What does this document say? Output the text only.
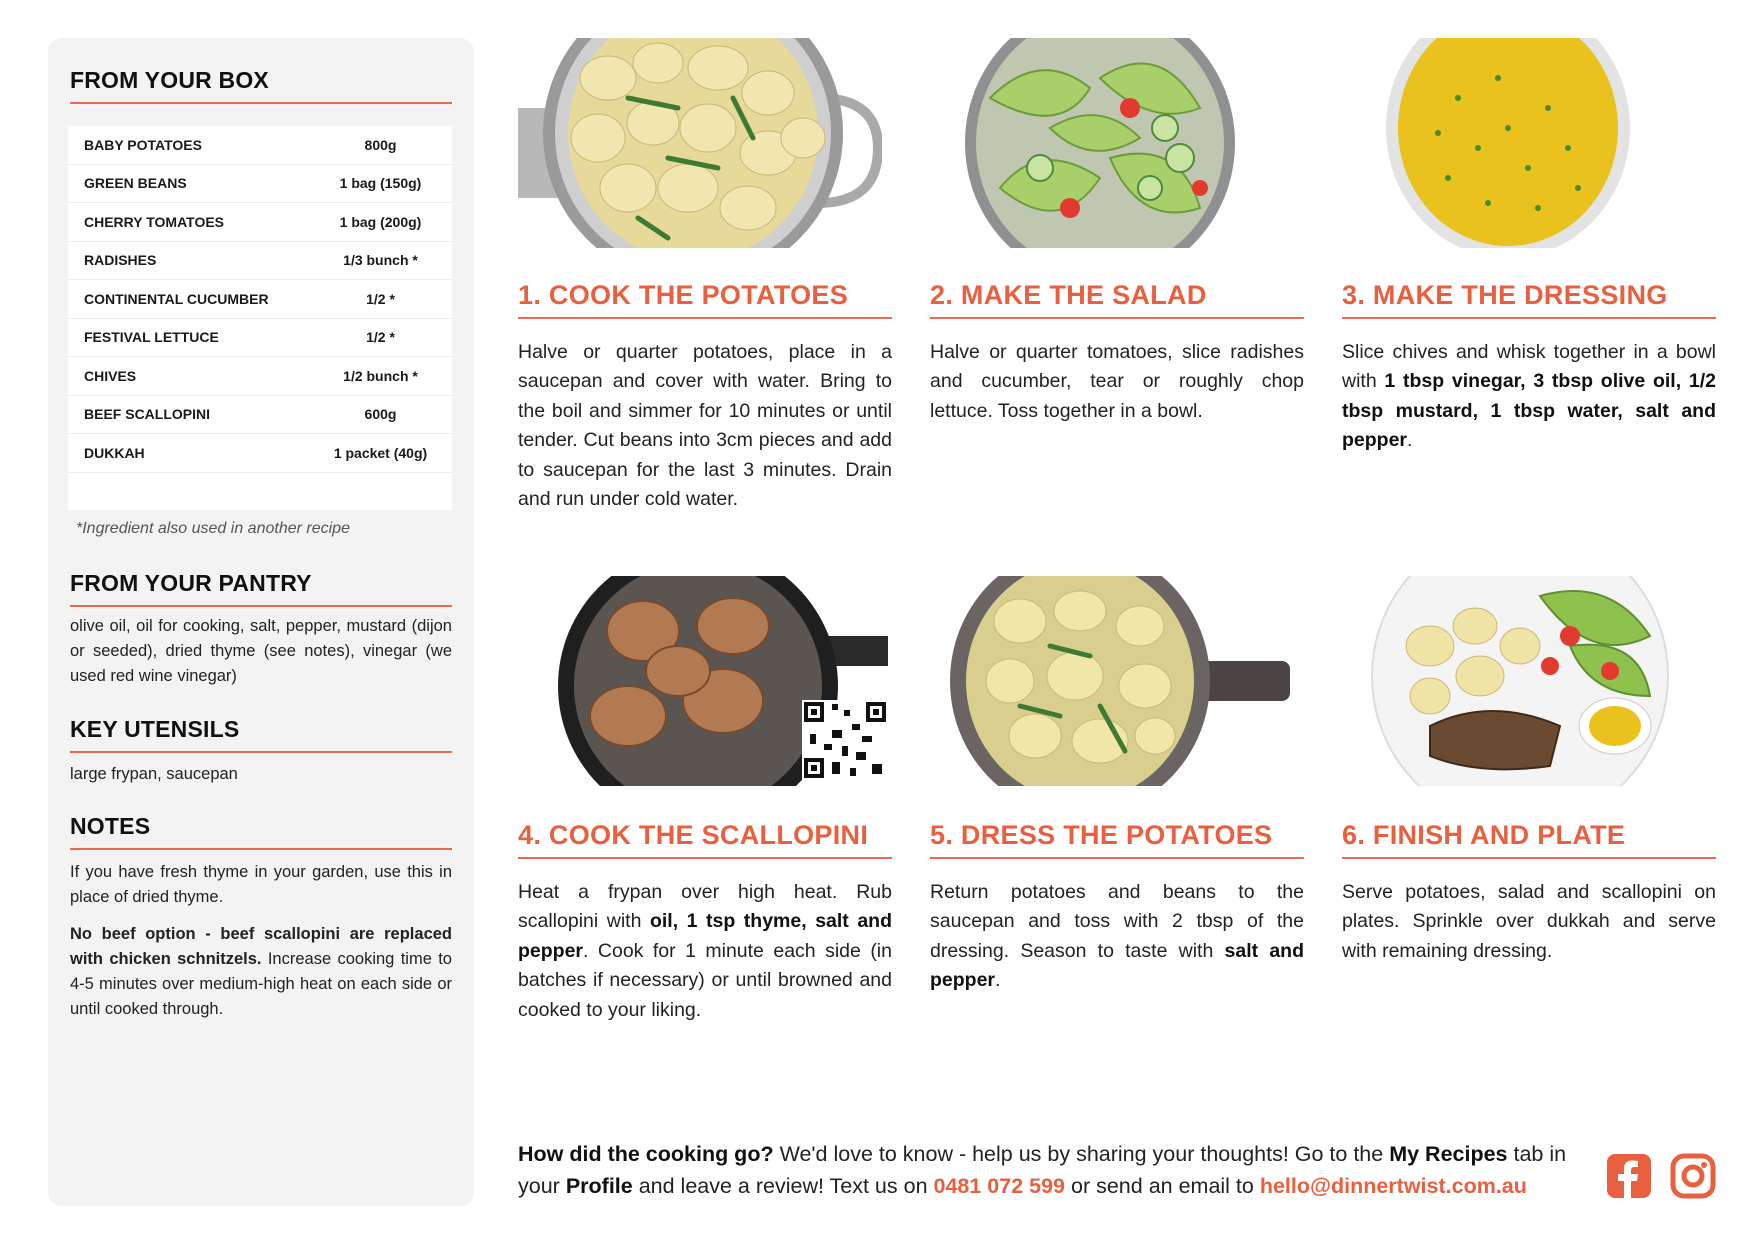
FROM YOUR BOX
BABY POTATOES	800g
GREEN BEANS	1 bag (150g)
CHERRY TOMATOES	1 bag (200g)
RADISHES	1/3 bunch *
CONTINENTAL CUCUMBER	1/2 *
FESTIVAL LETTUCE	1/2 *
CHIVES	1/2 bunch *
BEEF SCALLOPINI	600g
DUKKAH	1 packet (40g)
*Ingredient also used in another recipe
FROM YOUR PANTRY
olive oil, oil for cooking, salt, pepper, mustard (dijon or seeded), dried thyme (see notes), vinegar (we used red wine vinegar)
KEY UTENSILS
large frypan, saucepan
NOTES
If you have fresh thyme in your garden, use this in place of dried thyme.
No beef option - beef scallopini are replaced with chicken schnitzels. Increase cooking time to 4-5 minutes over medium-high heat on each side or until cooked through.
1. COOK THE POTATOES
Halve or quarter potatoes, place in a saucepan and cover with water. Bring to the boil and simmer for 10 minutes or until tender. Cut beans into 3cm pieces and add to saucepan for the last 3 minutes. Drain and run under cold water.
2. MAKE THE SALAD
Halve or quarter tomatoes, slice radishes and cucumber, tear or roughly chop lettuce. Toss together in a bowl.
3. MAKE THE DRESSING
Slice chives and whisk together in a bowl with 1 tbsp vinegar, 3 tbsp olive oil, 1/2 tbsp mustard, 1 tbsp water, salt and pepper.
4. COOK THE SCALLOPINI
Heat a frypan over high heat. Rub scallopini with oil, 1 tsp thyme, salt and pepper. Cook for 1 minute each side (in batches if necessary) or until browned and cooked to your liking.
5. DRESS THE POTATOES
Return potatoes and beans to the saucepan and toss with 2 tbsp of the dressing. Season to taste with salt and pepper.
6. FINISH AND PLATE
Serve potatoes, salad and scallopini on plates. Sprinkle over dukkah and serve with remaining dressing.
How did the cooking go? We'd love to know - help us by sharing your thoughts! Go to the My Recipes tab in your Profile and leave a review! Text us on 0481 072 599 or send an email to hello@dinnertwist.com.au
